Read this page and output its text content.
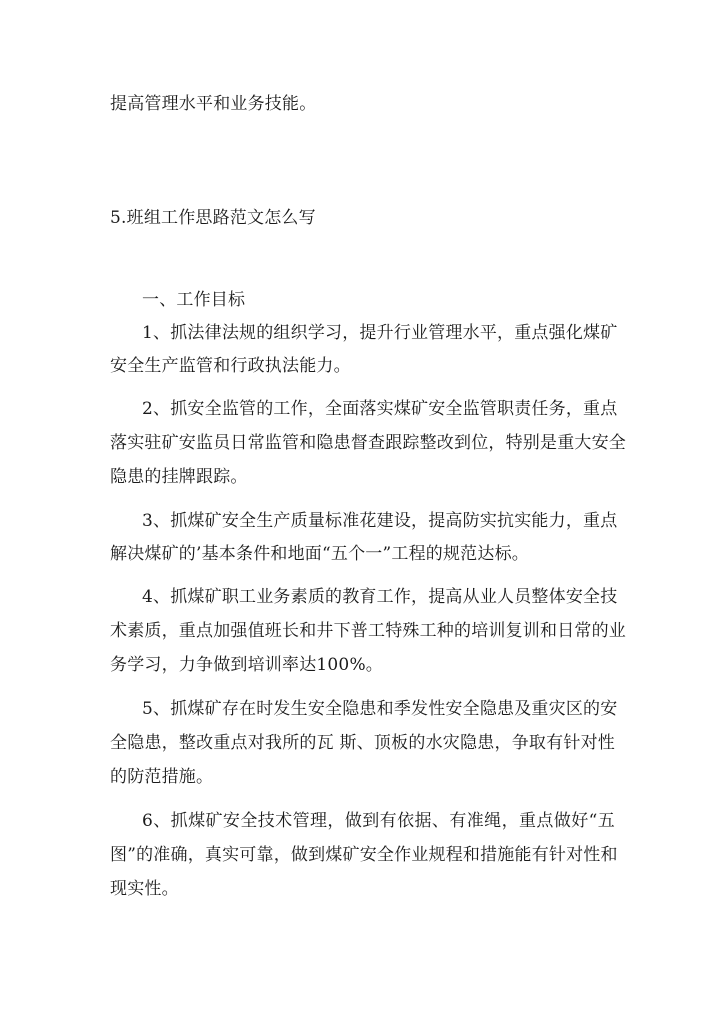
提高管理水平和业务技能。
5.班组工作思路范文怎么写
一、工作目标
1、抓法律法规的组织学习，提升行业管理水平，重点强化煤矿
安全生产监管和行政执法能力。
2、抓安全监管的工作，全面落实煤矿安全监管职责任务，重点
落实驻矿安监员日常监管和隐患督查跟踪整改到位，特别是重大安全
隐患的挂牌跟踪。
3、抓煤矿安全生产质量标准花建设，提高防实抗实能力，重点
解决煤矿的’基本条件和地面“五个一”工程的规范达标。
4、抓煤矿职工业务素质的教育工作，提高从业人员整体安全技
术素质，重点加强值班长和井下普工特殊工种的培训复训和日常的业
务学习，力争做到培训率达100%。
5、抓煤矿存在时发生安全隐患和季发性安全隐患及重灾区的安
全隐患，整改重点对我所的瓦 斯、顶板的水灾隐患，争取有针对性
的防范措施。
6、抓煤矿安全技术管理，做到有依据、有准绳，重点做好“五
图”的准确，真实可靠，做到煤矿安全作业规程和措施能有针对性和
现实性。
